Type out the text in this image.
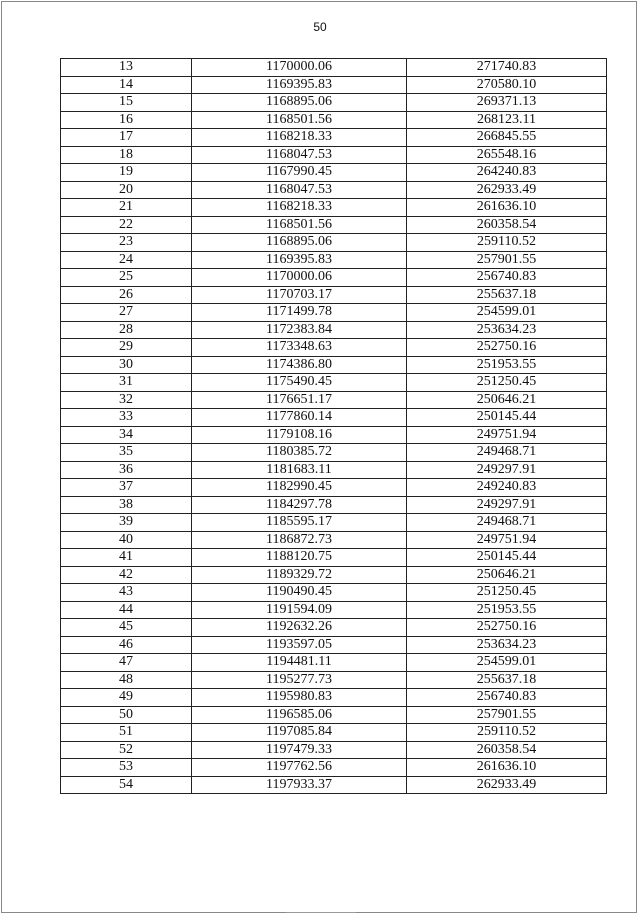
50
13	1170000.06	271740.83
14	1169395.83	270580.10
15	1168895.06	269371.13
16	1168501.56	268123.11
17	1168218.33	266845.55
18	1168047.53	265548.16
19	1167990.45	264240.83
20	1168047.53	262933.49
21	1168218.33	261636.10
22	1168501.56	260358.54
23	1168895.06	259110.52
24	1169395.83	257901.55
25	1170000.06	256740.83
26	1170703.17	255637.18
27	1171499.78	254599.01
28	1172383.84	253634.23
29	1173348.63	252750.16
30	1174386.80	251953.55
31	1175490.45	251250.45
32	1176651.17	250646.21
33	1177860.14	250145.44
34	1179108.16	249751.94
35	1180385.72	249468.71
36	1181683.11	249297.91
37	1182990.45	249240.83
38	1184297.78	249297.91
39	1185595.17	249468.71
40	1186872.73	249751.94
41	1188120.75	250145.44
42	1189329.72	250646.21
43	1190490.45	251250.45
44	1191594.09	251953.55
45	1192632.26	252750.16
46	1193597.05	253634.23
47	1194481.11	254599.01
48	1195277.73	255637.18
49	1195980.83	256740.83
50	1196585.06	257901.55
51	1197085.84	259110.52
52	1197479.33	260358.54
53	1197762.56	261636.10
54	1197933.37	262933.49
